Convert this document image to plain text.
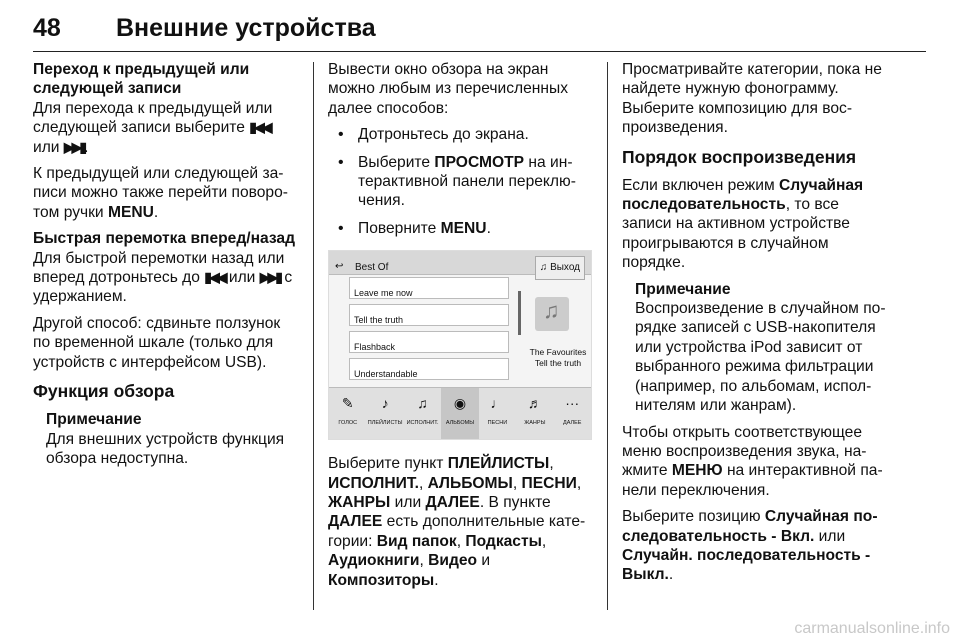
48 Внешние устройства
Переход к предыдущей или следующей записи

Для перехода к предыдущей или следующей записи выберите ▮◀◀
или ▶▶▮.

К предыдущей или следующей записи можно также перейти поворотом ручки MENU.

Быстрая перемотка вперед/назад

Для быстрой перемотки назад или вперед дотроньтесь до ▮◀◀ или ▶▶▮ с удержанием.

Другой способ: сдвиньте ползунок по временной шкале (только для устройств с интерфейсом USB).

Функция обзора
Примечание
Для внешних устройств функция обзора недоступна.

Вывести окно обзора на экран можно любым из перечисленных далее способов:

• Дотроньтесь до экрана.
• Выберите ПРОСМОТР на интерактивной панели переключения.
• Поверните MENU.
↩ Best Of	♫ Выход
Leave me now
Tell the truth
Flashback
Understandable
♫
The Favourites
Tell the truth
✎
ГОЛОС
♪
ПЛЕЙЛИСТЫ
♫
ИСПОЛНИТ.
◉
АЛЬБОМЫ
♩
ПЕСНИ
♬
ЖАНРЫ
···
ДАЛЕЕ

Выберите пункт ПЛЕЙЛИСТЫ, ИСПОЛНИТ., АЛЬБОМЫ, ПЕСНИ, ЖАНРЫ или ДАЛЕЕ. В пункте ДАЛЕЕ есть дополнительные категории: Вид папок, Подкасты, Аудиокниги, Видео и Композиторы.

Просматривайте категории, пока не найдете нужную фонограмму. Выберите композицию для воспроизведения.

Порядок воспроизведения

Если включен режим Случайная последовательность, то все записи на активном устройстве проигрываются в случайном порядке.

Примечание
Воспроизведение в случайном порядке записей с USB-накопителя или устройства iPod зависит от выбранного режима фильтрации (например, по альбомам, исполнителям или жанрам).

Чтобы открыть соответствующее меню воспроизведения звука, нажмите МЕНЮ на интерактивной панели переключения.

Выберите позицию Случайная последовательность - Вкл. или Случайн. последовательность - Выкл..

carmanualsonline.info
